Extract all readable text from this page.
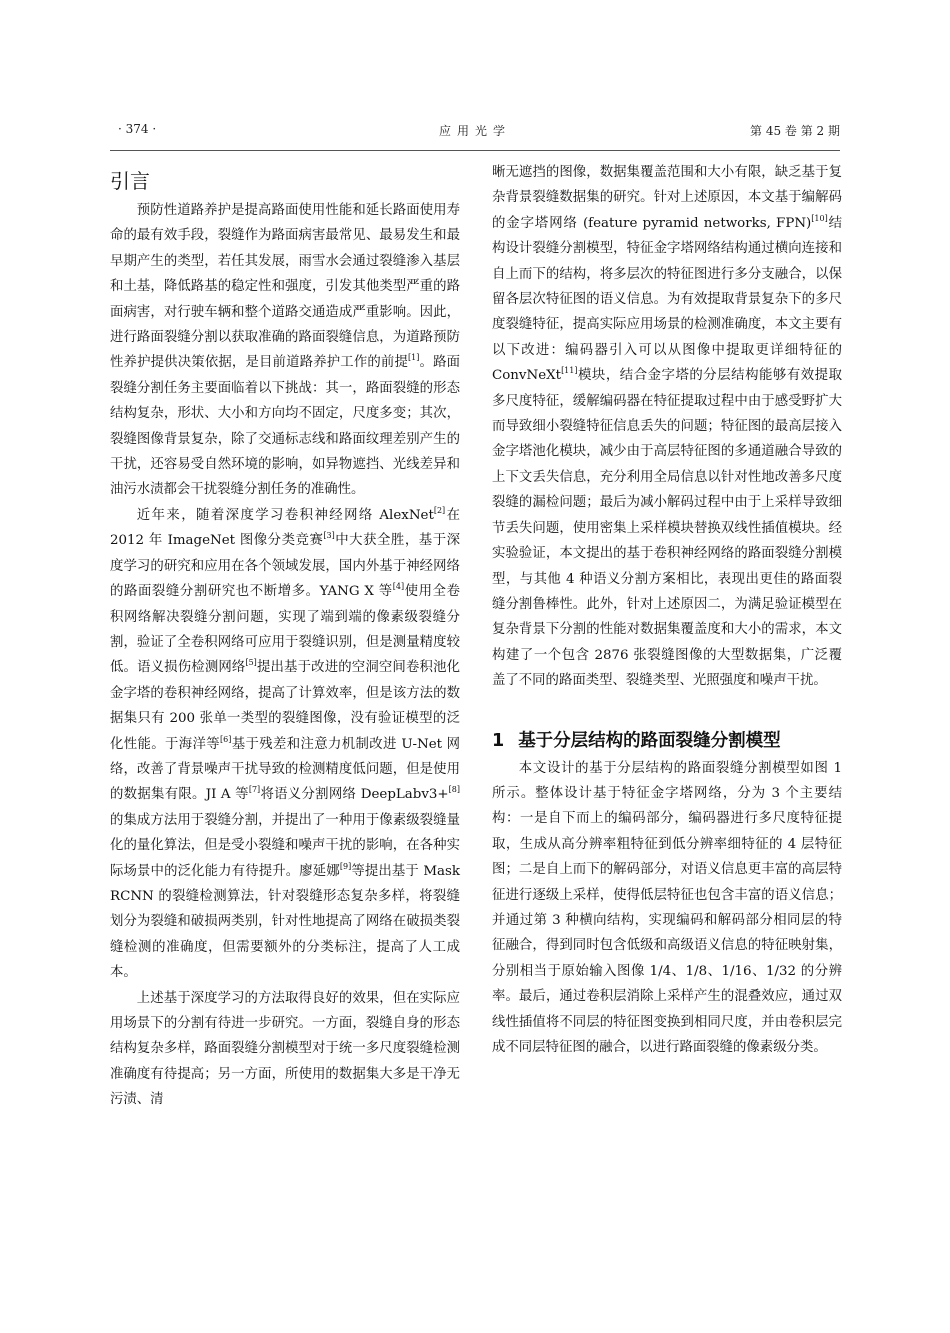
· 374 ·	应用光学	第 45 卷 第 2 期
引言

预防性道路养护是提高路面使用性能和延长路面使用寿命的最有效手段，裂缝作为路面病害最常见、最易发生和最早期产生的类型，若任其发展，雨雪水会通过裂缝渗入基层和土基，降低路基的稳定性和强度，引发其他类型严重的路面病害，对行驶车辆和整个道路交通造成严重影响。因此，进行路面裂缝分割以获取准确的路面裂缝信息，为道路预防性养护提供决策依据，是目前道路养护工作的前提[1]。路面裂缝分割任务主要面临着以下挑战：其一，路面裂缝的形态结构复杂，形状、大小和方向均不固定，尺度多变；其次，裂缝图像背景复杂，除了交通标志线和路面纹理差别产生的干扰，还容易受自然环境的影响，如异物遮挡、光线差异和油污水渍都会干扰裂缝分割任务的准确性。

近年来，随着深度学习卷积神经网络 AlexNet[2]在 2012 年 ImageNet 图像分类竞赛[3]中大获全胜，基于深度学习的研究和应用在各个领域发展，国内外基于神经网络的路面裂缝分割研究也不断增多。YANG X 等[4]使用全卷积网络解决裂缝分割问题，实现了端到端的像素级裂缝分割，验证了全卷积网络可应用于裂缝识别，但是测量精度较低。语义损伤检测网络[5]提出基于改进的空洞空间卷积池化金字塔的卷积神经网络，提高了计算效率，但是该方法的数据集只有 200 张单一类型的裂缝图像，没有验证模型的泛化性能。于海洋等[6]基于残差和注意力机制改进 U-Net 网络，改善了背景噪声干扰导致的检测精度低问题，但是使用的数据集有限。JI A 等[7]将语义分割网络 DeepLabv3+[8]的集成方法用于裂缝分割，并提出了一种用于像素级裂缝量化的量化算法，但是受小裂缝和噪声干扰的影响，在各种实际场景中的泛化能力有待提升。廖延娜[9]等提出基于 Mask RCNN 的裂缝检测算法，针对裂缝形态复杂多样，将裂缝划分为裂缝和破损两类别，针对性地提高了网络在破损类裂缝检测的准确度，但需要额外的分类标注，提高了人工成本。

上述基于深度学习的方法取得良好的效果，但在实际应用场景下的分割有待进一步研究。一方面，裂缝自身的形态结构复杂多样，路面裂缝分割模型对于统一多尺度裂缝检测准确度有待提高；另一方面，所使用的数据集大多是干净无污渍、清

晰无遮挡的图像，数据集覆盖范围和大小有限，缺乏基于复杂背景裂缝数据集的研究。针对上述原因，本文基于编解码的金字塔网络 (feature pyramid networks, FPN)[10]结构设计裂缝分割模型，特征金字塔网络结构通过横向连接和自上而下的结构，将多层次的特征图进行多分支融合，以保留各层次特征图的语义信息。为有效提取背景复杂下的多尺度裂缝特征，提高实际应用场景的检测准确度，本文主要有以下改进：编码器引入可以从图像中提取更详细特征的 ConvNeXt[11]模块，结合金字塔的分层结构能够有效提取多尺度特征，缓解编码器在特征提取过程中由于感受野扩大而导致细小裂缝特征信息丢失的问题；特征图的最高层接入金字塔池化模块，减少由于高层特征图的多通道融合导致的上下文丢失信息，充分利用全局信息以针对性地改善多尺度裂缝的漏检问题；最后为减小解码过程中由于上采样导致细节丢失问题，使用密集上采样模块替换双线性插值模块。经实验验证，本文提出的基于卷积神经网络的路面裂缝分割模型，与其他 4 种语义分割方案相比，表现出更佳的路面裂缝分割鲁棒性。此外，针对上述原因二，为满足验证模型在复杂背景下分割的性能对数据集覆盖度和大小的需求，本文构建了一个包含 2876 张裂缝图像的大型数据集，广泛覆盖了不同的路面类型、裂缝类型、光照强度和噪声干扰。

1 基于分层结构的路面裂缝分割模型

本文设计的基于分层结构的路面裂缝分割模型如图 1 所示。整体设计基于特征金字塔网络，分为 3 个主要结构：一是自下而上的编码部分，编码器进行多尺度特征提取，生成从高分辨率粗特征到低分辨率细特征的 4 层特征图；二是自上而下的解码部分，对语义信息更丰富的高层特征进行逐级上采样，使得低层特征也包含丰富的语义信息；并通过第 3 种横向结构，实现编码和解码部分相同层的特征融合，得到同时包含低级和高级语义信息的特征映射集，分别相当于原始输入图像 1/4、1/8、1/16、1/32 的分辨率。最后，通过卷积层消除上采样产生的混叠效应，通过双线性插值将不同层的特征图变换到相同尺度，并由卷积层完成不同层特征图的融合，以进行路面裂缝的像素级分类。
